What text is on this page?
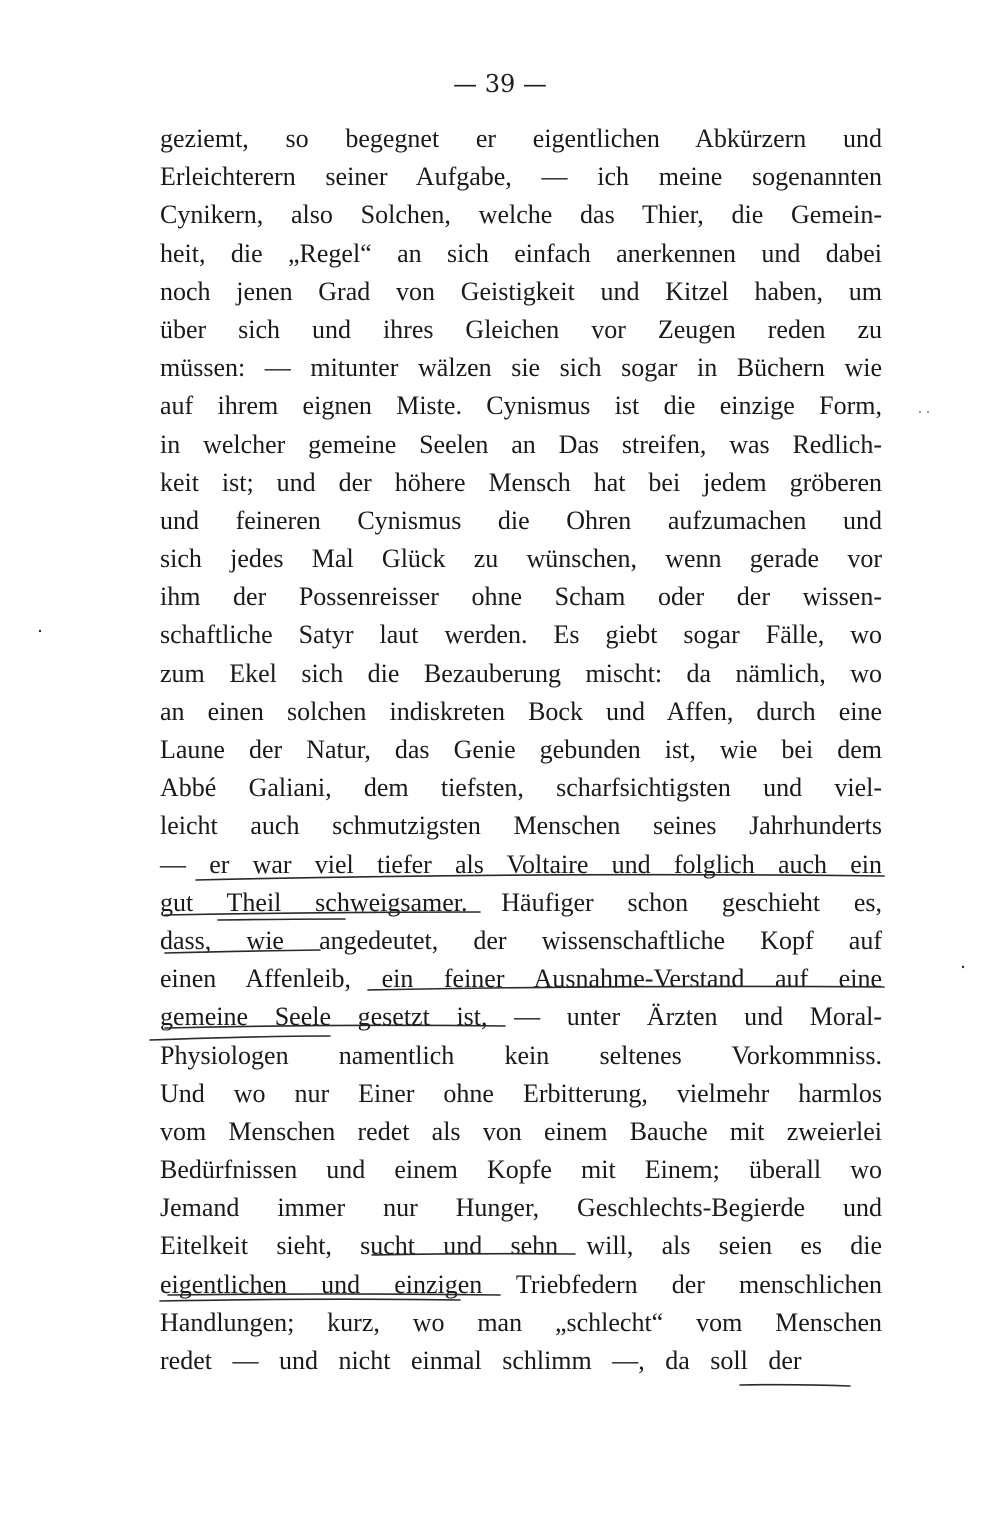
— 39 —
geziemt, so begegnet er eigentlichen Abkürzern und
Erleichterern seiner Aufgabe, — ich meine sogenannten
Cynikern, also Solchen, welche das Thier, die Gemein-
heit, die „Regel“ an sich einfach anerkennen und dabei
noch jenen Grad von Geistigkeit und Kitzel haben, um
über sich und ihres Gleichen vor Zeugen reden zu
müssen: — mitunter wälzen sie sich sogar in Büchern wie
auf ihrem eignen Miste. Cynismus ist die einzige Form,
in welcher gemeine Seelen an Das streifen, was Redlich-
keit ist; und der höhere Mensch hat bei jedem gröberen
und feineren Cynismus die Ohren aufzumachen und
sich jedes Mal Glück zu wünschen, wenn gerade vor
ihm der Possenreisser ohne Scham oder der wissen-
schaftliche Satyr laut werden. Es giebt sogar Fälle, wo
zum Ekel sich die Bezauberung mischt: da nämlich, wo
an einen solchen indiskreten Bock und Affen, durch eine
Laune der Natur, das Genie gebunden ist, wie bei dem
Abbé Galiani, dem tiefsten, scharfsichtigsten und viel-
leicht auch schmutzigsten Menschen seines Jahrhunderts
— er war viel tiefer als Voltaire und folglich auch ein
gut Theil schweigsamer. Häufiger schon geschieht es,
dass, wie angedeutet, der wissenschaftliche Kopf auf
einen Affenleib, ein feiner Ausnahme-Verstand auf eine
gemeine Seele gesetzt ist, — unter Ärzten und Moral-
Physiologen namentlich kein seltenes Vorkommniss.
Und wo nur Einer ohne Erbitterung, vielmehr harmlos
vom Menschen redet als von einem Bauche mit zweierlei
Bedürfnissen und einem Kopfe mit Einem; überall wo
Jemand immer nur Hunger, Geschlechts-Begierde und
Eitelkeit sieht, sucht und sehn will, als seien es die
eigentlichen und einzigen Triebfedern der menschlichen
Handlungen; kurz, wo man „schlecht“ vom Menschen
redet — und nicht einmal schlimm —, da soll der
